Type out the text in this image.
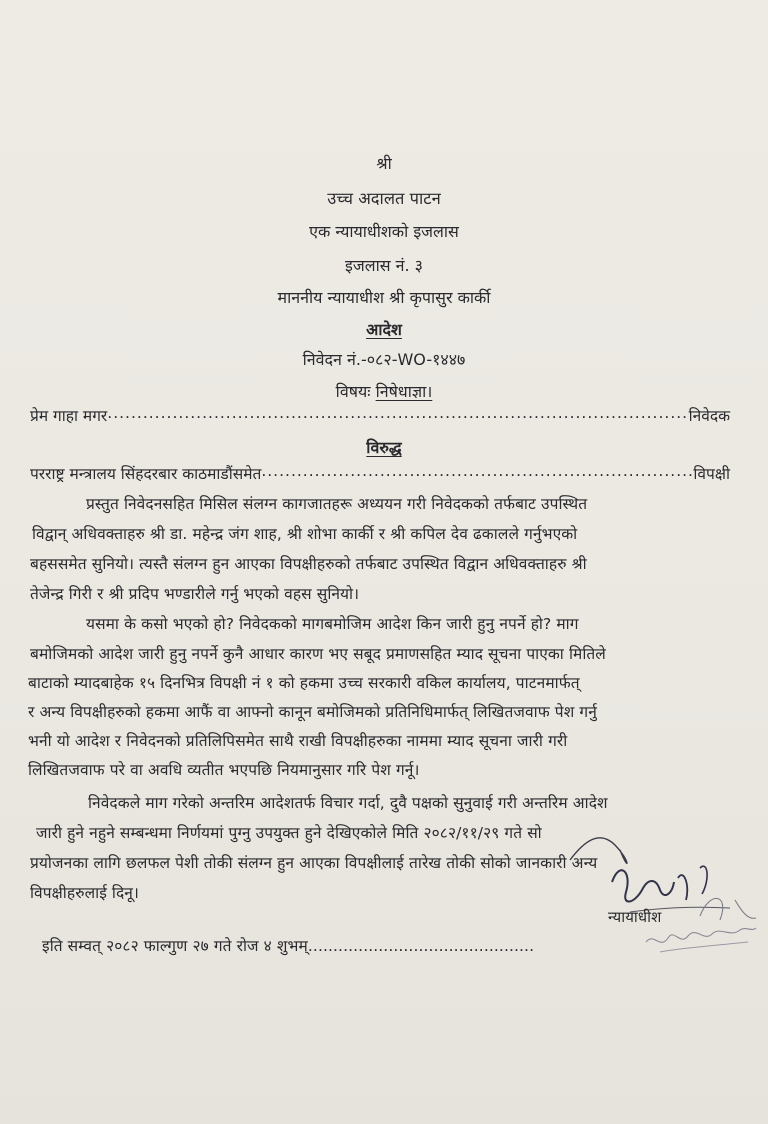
श्री
उच्च अदालत पाटन
एक न्यायाधीशको इजलास
इजलास नं. ३
माननीय न्यायाधीश श्री कृपासुर कार्की
आदेश
निवेदन नं.-०८२-WO-१४४७
विषयः निषेधाज्ञा।
प्रेम गाहा मगर .....	निवेदक
विरुद्ध
परराष्ट्र मन्त्रालय सिंहदरबार काठमाडौंसमेत .....	विपक्षी
प्रस्तुत निवेदनसहित मिसिल संलग्न कागजातहरू अध्ययन गरी निवेदकको तर्फबाट उपस्थित
विद्वान् अधिवक्ताहरु श्री डा. महेन्द्र जंग शाह, श्री शोभा कार्की र श्री कपिल देव ढकालले गर्नुभएको
बहससमेत सुनियो। त्यस्तै संलग्न हुन आएका विपक्षीहरुको तर्फबाट उपस्थित विद्वान अधिवक्ताहरु श्री
तेजेन्द्र गिरी र श्री प्रदिप भण्डारीले गर्नु भएको वहस सुनियो।
यसमा के कसो भएको हो? निवेदकको मागबमोजिम आदेश किन जारी हुनु नपर्ने हो? माग
बमोजिमको आदेश जारी हुनु नपर्ने कुनै आधार कारण भए सबूद प्रमाणसहित म्याद सूचना पाएका मितिले
बाटाको म्यादबाहेक १५ दिनभित्र विपक्षी नं १ को हकमा उच्च सरकारी वकिल कार्यालय, पाटनमार्फत्
र अन्य विपक्षीहरुको हकमा आफैं वा आफ्नो कानून बमोजिमको प्रतिनिधिमार्फत् लिखितजवाफ पेश गर्नु
भनी यो आदेश र निवेदनको प्रतिलिपिसमेत साथै राखी विपक्षीहरुका नाममा म्याद सूचना जारी गरी
लिखितजवाफ परे वा अवधि व्यतीत भएपछि नियमानुसार गरि पेश गर्नू।
निवेदकले माग गरेको अन्तरिम आदेशतर्फ विचार गर्दा, दुवै पक्षको सुनुवाई गरी अन्तरिम आदेश
जारी हुने नहुने सम्बन्धमा निर्णयमां पुग्नु उपयुक्त हुने देखिएकोले मिति २०८२/११/२९ गते सो
प्रयोजनका लागि छलफल पेशी तोकी संलग्न हुन आएका विपक्षीलाई तारेख तोकी सोको जानकारी अन्य
विपक्षीहरुलाई दिनू।
न्यायाधीश
इति सम्वत् २०८२ फाल्गुण २७ गते रोज ४ शुभम्.............................................
